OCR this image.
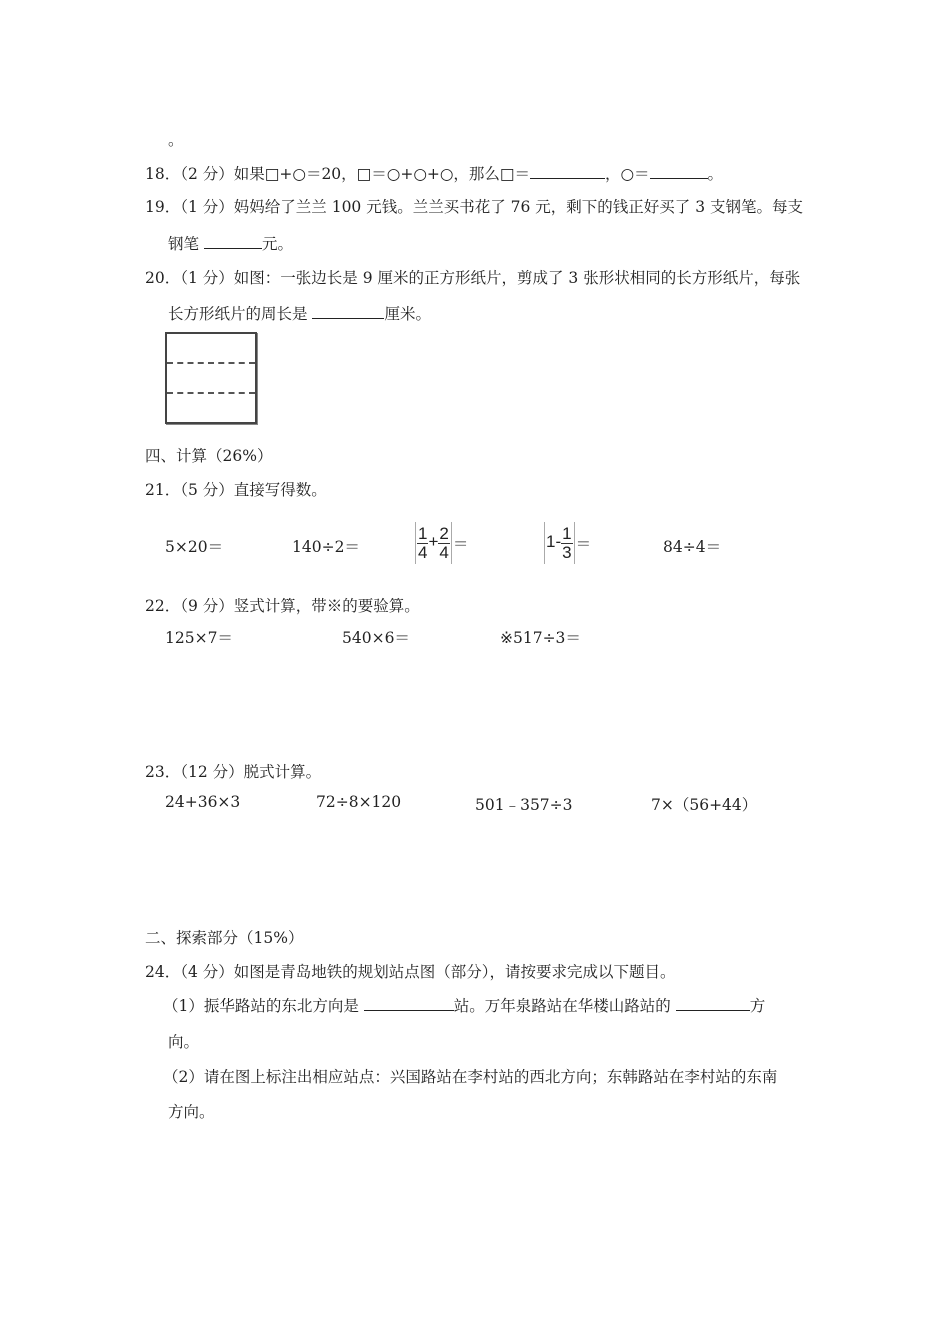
。
18．（2 分）如果□+○＝20，□＝○+○+○，那么□＝	，○＝	。
19．（1 分）妈妈给了兰兰 100 元钱。兰兰买书花了 76 元，剩下的钱正好买了 3 支钢笔。每支
钢笔	元。
20．（1 分）如图：一张边长是 9 厘米的正方形纸片，剪成了 3 张形状相同的长方形纸片，每张
长方形纸片的周长是	厘米。
四、计算（26%）
21．（5 分）直接写得数。
5×20＝	140÷2＝	$\frac{1}{4} + \frac{2}{4}$ ＝	$1- \frac{1}{3}$ ＝	84÷4＝
22．（9 分）竖式计算，带※的要验算。
125×7＝	540×6＝	※517÷3＝
23．（12 分）脱式计算。
24+36×3	72÷8×120	501﹣357÷3	7×（56+44）
二、探索部分（15%）
24．（4 分）如图是青岛地铁的规划站点图（部分），请按要求完成以下题目。
（1）振华路站的东北方向是	站。万年泉路站在华楼山路站的	方
向。
（2）请在图上标注出相应站点：兴国路站在李村站的西北方向；东韩路站在李村站的东南
方向。
